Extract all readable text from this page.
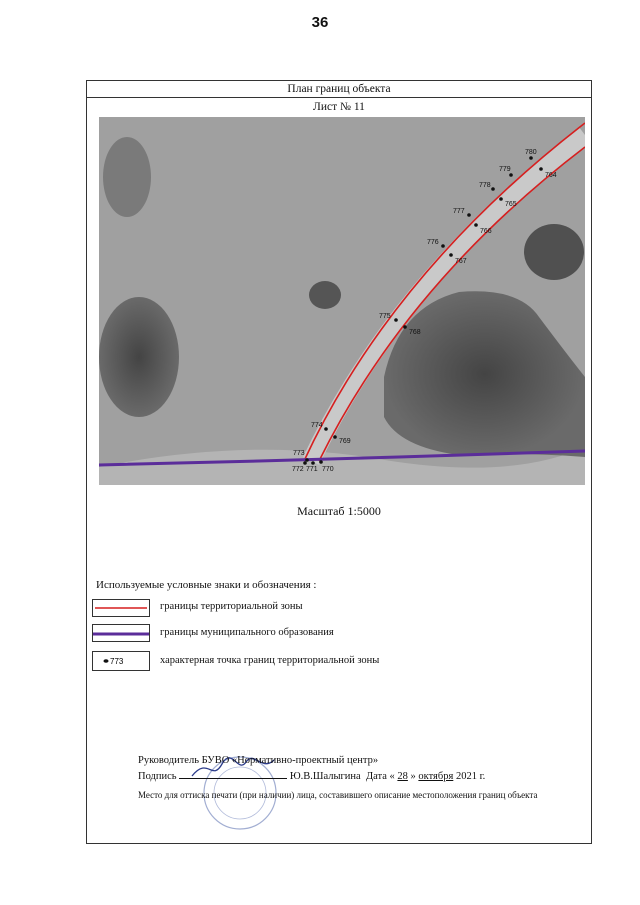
36
План границ объекта
Лист № 11
780
764
779
778
765
777
766
776
767
775
768
774
769
773
772 771 770
Масштаб 1:5000
Используемые условные знаки и обозначения :
границы территориальной зоны
границы муниципального образования
773	характерная точка границ территориальной зоны
Руководитель БУВО «Нормативно-проектный центр»
Подпись	Ю.В.Шалыгина Дата « 28 » октября 2021 г.
Место для оттиска печати (при наличии) лица, составившего описание местоположения границ объекта
